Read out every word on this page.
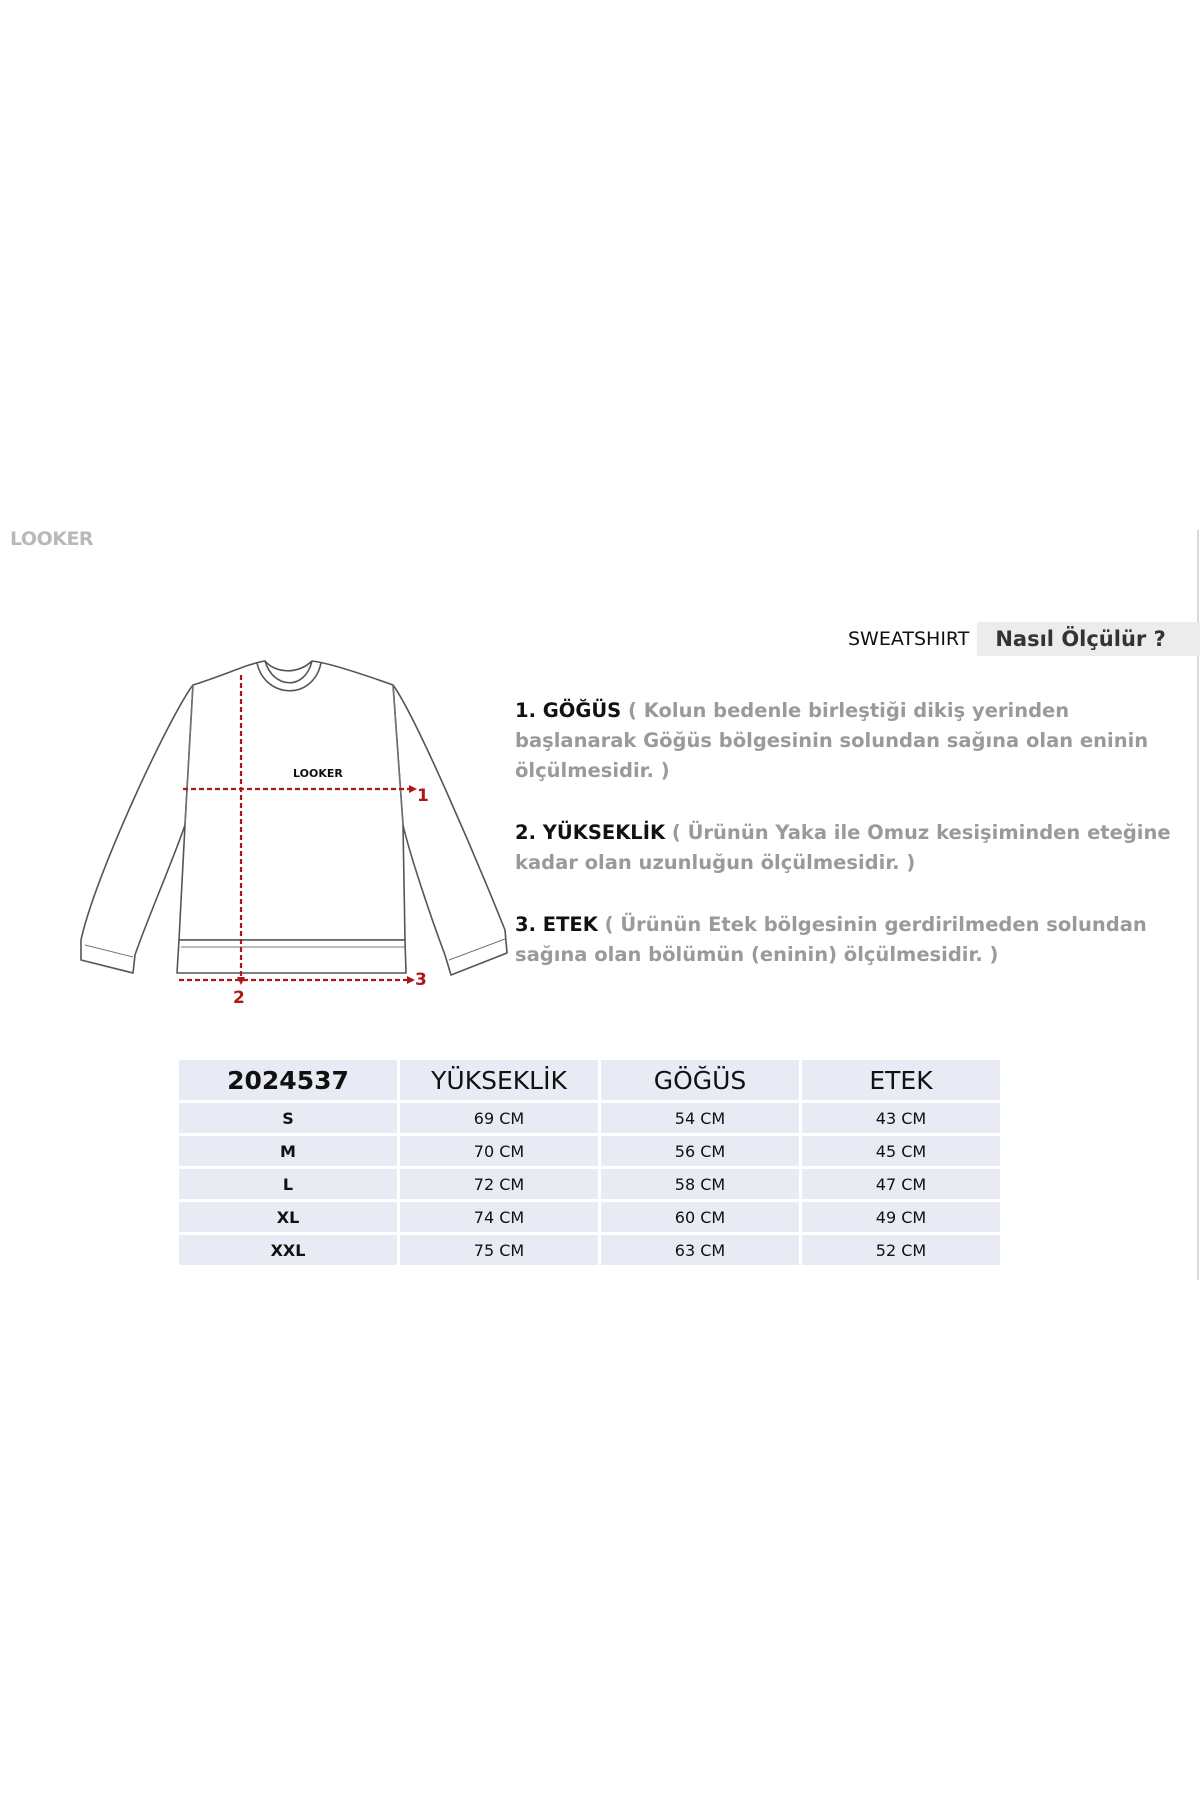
LOOKER
SWEATSHIRT	Nasıl Ölçülür ?
LOOKER
1
2
3
1. GÖĞÜS ( Kolun bedenle birleştiği dikiş yerinden başlanarak Göğüs bölgesinin solundan sağına olan eninin ölçülmesidir. )
2. YÜKSEKLİK ( Ürünün Yaka ile Omuz kesişiminden eteğine kadar olan uzunluğun ölçülmesidir. )
3. ETEK ( Ürünün Etek bölgesinin gerdirilmeden solundan sağına olan bölümün (eninin) ölçülmesidir. )
2024537	YÜKSEKLİK	GÖĞÜS	ETEK
S	69 CM	54 CM	43 CM
M	70 CM	56 CM	45 CM
L	72 CM	58 CM	47 CM
XL	74 CM	60 CM	49 CM
XXL	75 CM	63 CM	52 CM
